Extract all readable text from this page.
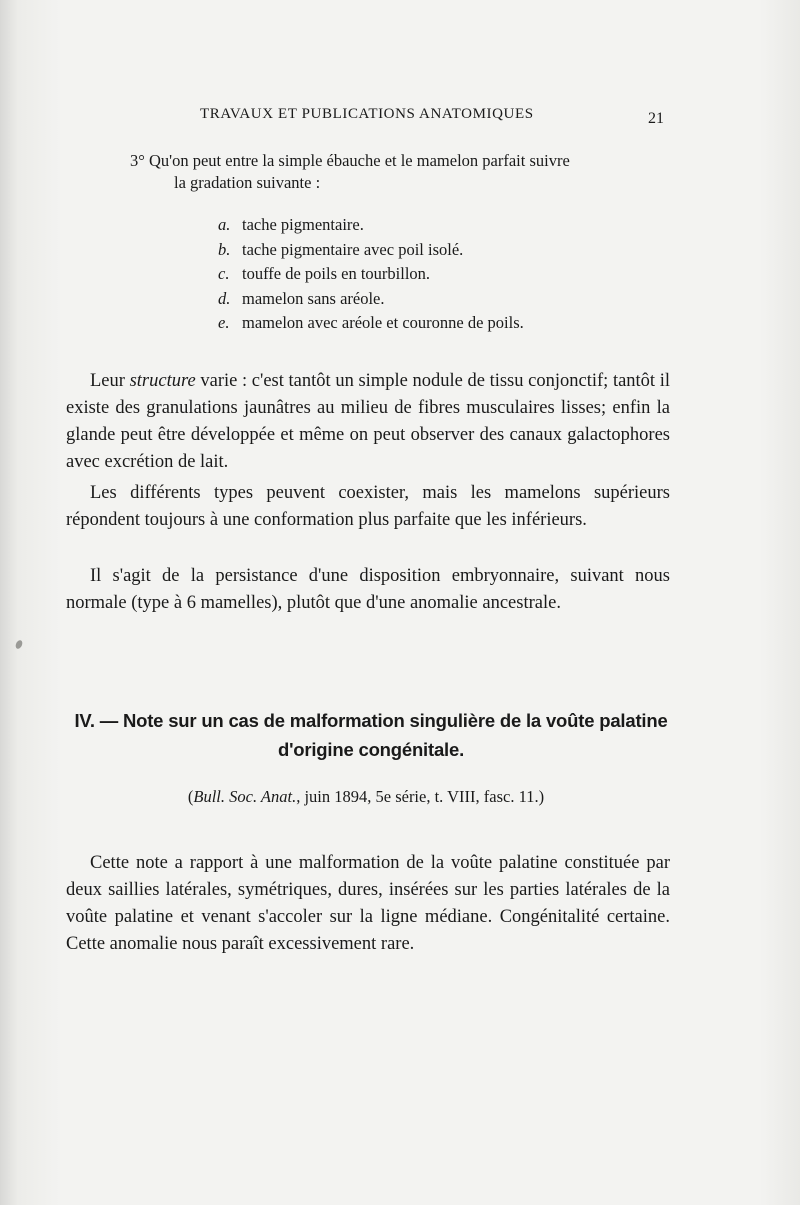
TRAVAUX ET PUBLICATIONS ANATOMIQUES	21
3° Qu'on peut entre la simple ébauche et le mamelon parfait suivre
la gradation suivante :
a. tache pigmentaire.
b. tache pigmentaire avec poil isolé.
c. touffe de poils en tourbillon.
d. mamelon sans aréole.
e. mamelon avec aréole et couronne de poils.

Leur structure varie : c'est tantôt un simple nodule de tissu conjonctif; tantôt il existe des granulations jaunâtres au milieu de fibres musculaires lisses; enfin la glande peut être développée et même on peut observer des canaux galactophores avec excrétion de lait.

Les différents types peuvent coexister, mais les mamelons supérieurs répondent toujours à une conformation plus parfaite que les inférieurs.

Il s'agit de la persistance d'une disposition embryonnaire, suivant nous normale (type à 6 mamelles), plutôt que d'une anomalie ancestrale.

IV. — Note sur un cas de malformation singulière de la voûte palatine
d'origine congénitale.
(Bull. Soc. Anat., juin 1894, 5e série, t. VIII, fasc. 11.)

Cette note a rapport à une malformation de la voûte palatine constituée par deux saillies latérales, symétriques, dures, insérées sur les parties latérales de la voûte palatine et venant s'accoler sur la ligne médiane. Congénitalité certaine. Cette anomalie nous paraît excessivement rare.
